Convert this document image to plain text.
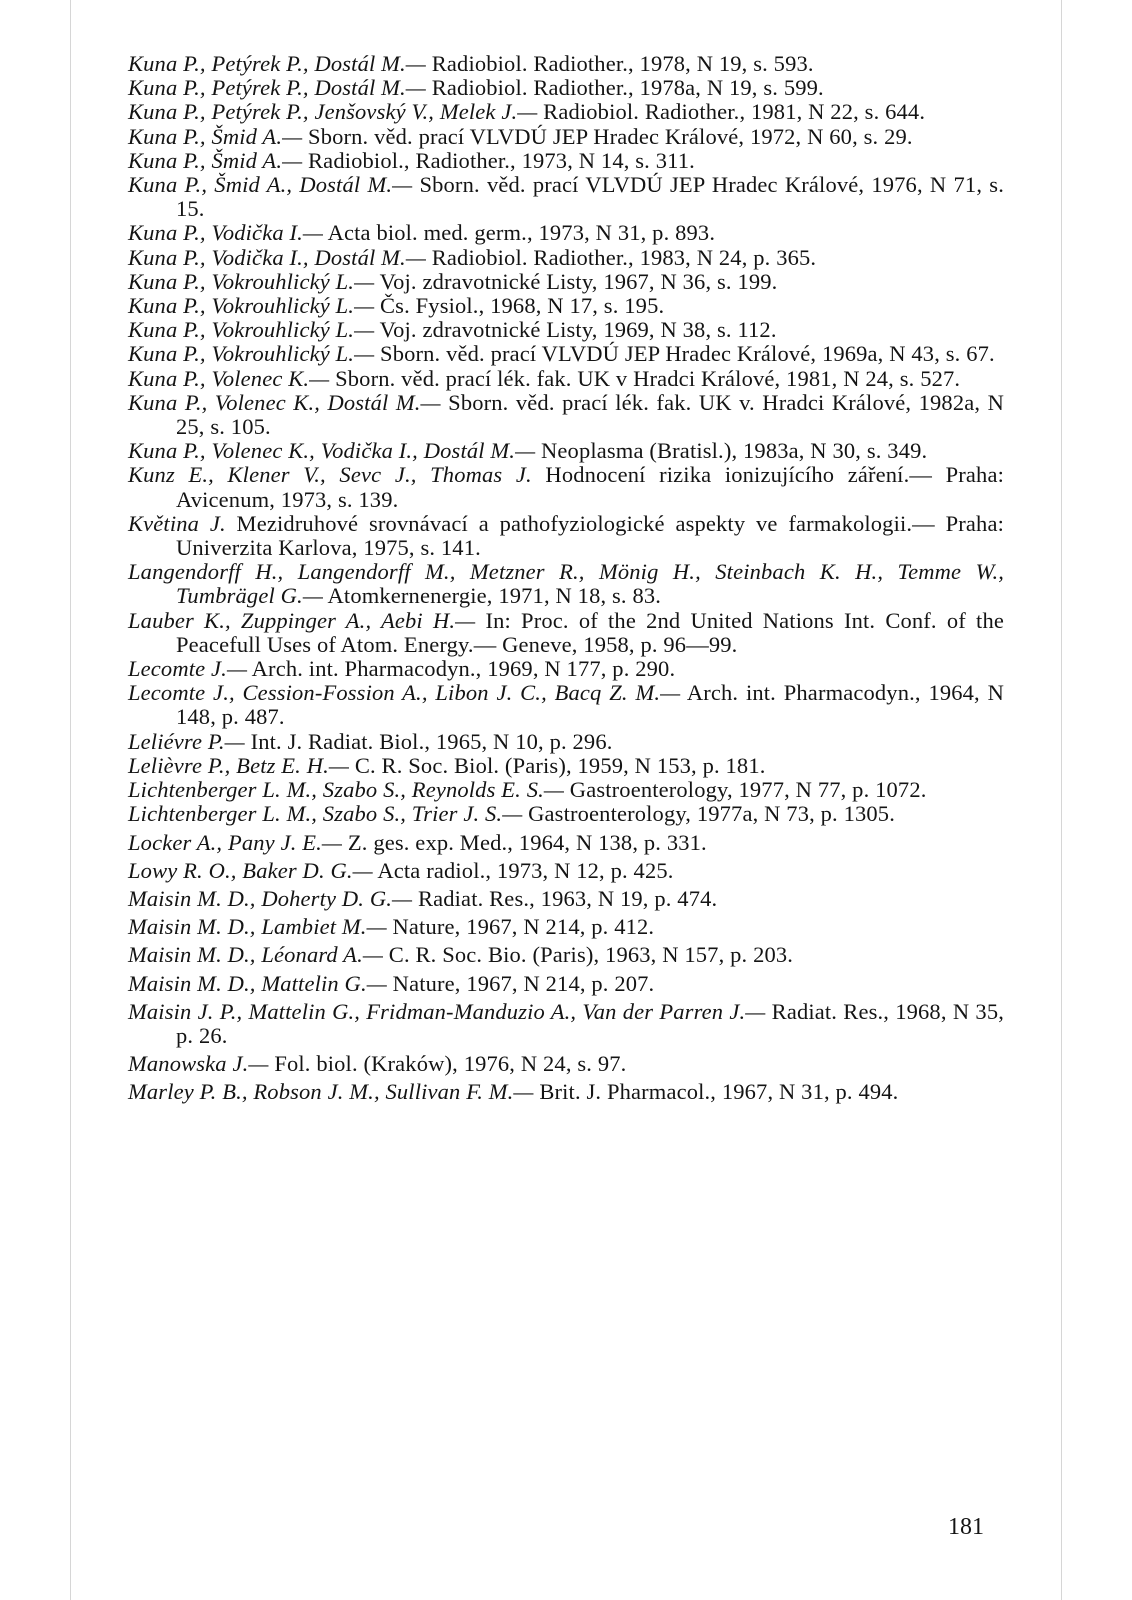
Kuna P., Petýrek P., Dostál M.— Radiobiol. Radiother., 1978, N 19, s. 593.
Kuna P., Petýrek P., Dostál M.— Radiobiol. Radiother., 1978a, N 19, s. 599.
Kuna P., Petýrek P., Jenšovský V., Melek J.— Radiobiol. Radiother., 1981, N 22, s. 644.
Kuna P., Šmid A.— Sborn. věd. prací VLVDÚ JEP Hradec Králové, 1972, N 60, s. 29.
Kuna P., Šmid A.— Radiobiol., Radiother., 1973, N 14, s. 311.
Kuna P., Šmid A., Dostál M.— Sborn. věd. prací VLVDÚ JEP Hradec Králové, 1976, N 71, s. 15.
Kuna P., Vodička I.— Acta biol. med. germ., 1973, N 31, p. 893.
Kuna P., Vodička I., Dostál M.— Radiobiol. Radiother., 1983, N 24, p. 365.
Kuna P., Vokrouhlický L.— Voj. zdravotnické Listy, 1967, N 36, s. 199.
Kuna P., Vokrouhlický L.— Čs. Fysiol., 1968, N 17, s. 195.
Kuna P., Vokrouhlický L.— Voj. zdravotnické Listy, 1969, N 38, s. 112.
Kuna P., Vokrouhlický L.— Sborn. věd. prací VLVDÚ JEP Hradec Králové, 1969a, N 43, s. 67.
Kuna P., Volenec K.— Sborn. věd. prací lék. fak. UK v Hradci Králové, 1981, N 24, s. 527.
Kuna P., Volenec K., Dostál M.— Sborn. věd. prací lék. fak. UK v. Hradci Králové, 1982a, N 25, s. 105.
Kuna P., Volenec K., Vodička I., Dostál M.— Neoplasma (Bratisl.), 1983a, N 30, s. 349.
Kunz E., Klener V., Sevc J., Thomas J. Hodnocení rizika ionizujícího záření.— Praha: Avicenum, 1973, s. 139.
Květina J. Mezidruhové srovnávací a pathofyziologické aspekty ve farmakologii.— Praha: Univerzita Karlova, 1975, s. 141.
Langendorff H., Langendorff M., Metzner R., Mönig H., Steinbach K. H., Temme W., Tumbrägel G.— Atomkernenergie, 1971, N 18, s. 83.
Lauber K., Zuppinger A., Aebi H.— In: Proc. of the 2nd United Nations Int. Conf. of the Peacefull Uses of Atom. Energy.— Geneve, 1958, p. 96—99.
Lecomte J.— Arch. int. Pharmacodyn., 1969, N 177, p. 290.
Lecomte J., Cession-Fossion A., Libon J. C., Bacq Z. M.— Arch. int. Pharmacodyn., 1964, N 148, p. 487.
Leliévre P.— Int. J. Radiat. Biol., 1965, N 10, p. 296.
Lelièvre P., Betz E. H.— C. R. Soc. Biol. (Paris), 1959, N 153, p. 181.
Lichtenberger L. M., Szabo S., Reynolds E. S.— Gastroenterology, 1977, N 77, p. 1072.
Lichtenberger L. M., Szabo S., Trier J. S.— Gastroenterology, 1977a, N 73, p. 1305.
Locker A., Pany J. E.— Z. ges. exp. Med., 1964, N 138, p. 331.
Lowy R. O., Baker D. G.— Acta radiol., 1973, N 12, p. 425.
Maisin M. D., Doherty D. G.— Radiat. Res., 1963, N 19, p. 474.
Maisin M. D., Lambiet M.— Nature, 1967, N 214, p. 412.
Maisin M. D., Léonard A.— C. R. Soc. Bio. (Paris), 1963, N 157, p. 203.
Maisin M. D., Mattelin G.— Nature, 1967, N 214, p. 207.
Maisin J. P., Mattelin G., Fridman-Manduzio A., Van der Parren J.— Radiat. Res., 1968, N 35, p. 26.
Manowska J.— Fol. biol. (Kraków), 1976, N 24, s. 97.
Marley P. B., Robson J. M., Sullivan F. M.— Brit. J. Pharmacol., 1967, N 31, p. 494.
181
